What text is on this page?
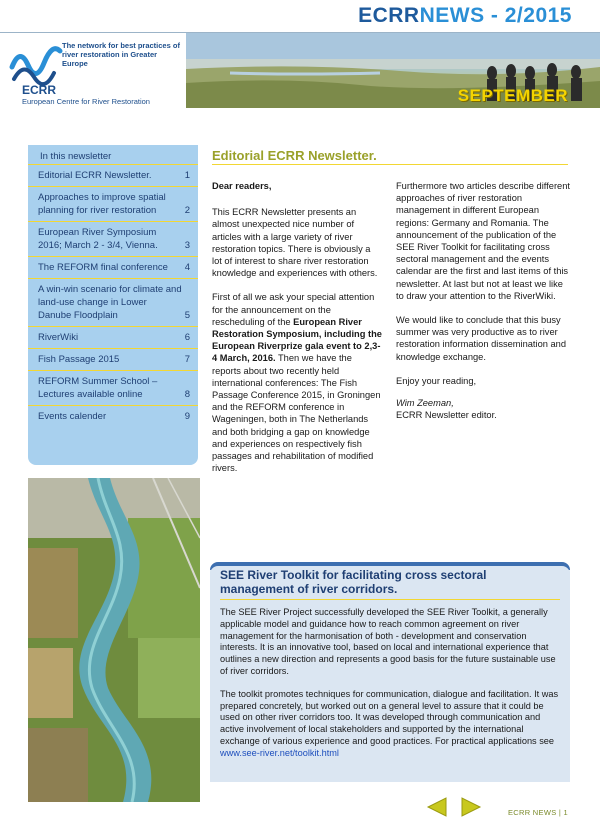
ECRRNEWS - 2/2015
The network for best practices of river restoration in Greater Europe
ECRR
European Centre for River Restoration	SEPTEMBER
In this newsletter
Editorial ECRR Newsletter.	1
Approaches to improve spatial planning for river restoration	2
European River Symposium 2016; March 2 - 3/4, Vienna.	3
The REFORM final conference 4
A win-win scenario for climate and land-use change in Lower Danube Floodplain	5
RiverWiki	6
Fish Passage 2015	7
REFORM Summer School – Lectures available online	8
Events calender	9
Editorial ECRR Newsletter.

Dear readers,

This ECRR Newsletter presents an almost unexpected nice number of articles with a large variety of river restoration topics. There is obviously a lot of interest to share river restoration knowledge and experiences with others.

First of all we ask your special attention for the announcement on the rescheduling of the European River Restoration Symposium, including the European Riverprize gala event to 2,3-4 March, 2016. Then we have the reports about two recently held international conferences: The Fish Passage Conference 2015, in Groningen and the REFORM conference in Wageningen, both in The Netherlands and both bridging a gap on knowledge and experiences on respectively fish passages and rehabilitation of modified rivers.

Furthermore two articles describe different approaches of river restoration management in different European regions: Germany and Romania. The announcement of the publication of the SEE River Toolkit for facilitating cross sectoral management and the events calendar are the first and last items of this newsletter. At last but not at least we like to draw your attention to the RiverWiki.

We would like to conclude that this busy summer was very productive as to river restoration information dissemination and knowledge exchange.

Enjoy your reading,

Wim Zeeman,
ECRR Newsletter editor.

SEE River Toolkit for facilitating cross sectoral management of river corridors.

The SEE River Project successfully developed the SEE River Toolkit, a generally applicable model and guidance how to reach common agreement on river management for the harmonisation of both - development and conservation interests. It is an innovative tool, based on local and international experience that outlines a new direction and represents a good basis for the future sustainable use of river corridors.

The toolkit promotes techniques for communication, dialogue and facilitation. It was prepared concretely, but worked out on a general level to assure that it could be used on other river corridors too. It was developed through communication and active involvement of local stakeholders and supported by the international exchange of various experience and good practices. For practical applications see www.see-river.net/toolkit.html

ECRR NEWS | 1
